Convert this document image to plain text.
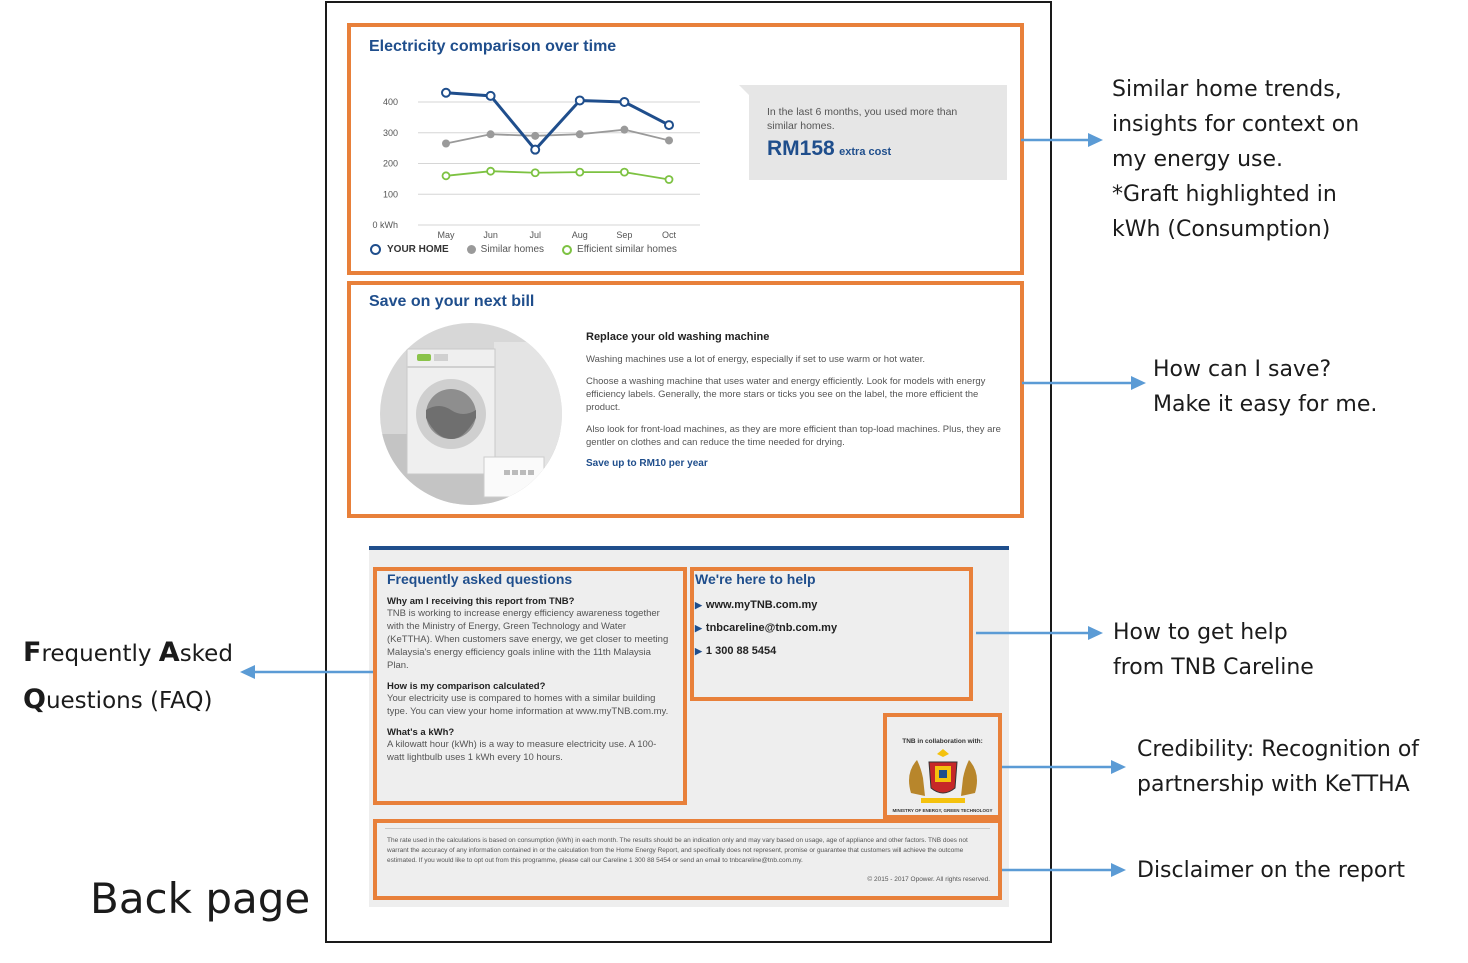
Electricity comparison over time
400
300
200
100
0 kWh
May	Jun	Jul	Aug	Sep	Oct
YOUR HOME	Similar homes	Efficient similar homes
In the last 6 months, you used more than similar homes.
RM158 extra cost
Save on your next bill
Replace your old washing machine
Washing machines use a lot of energy, especially if set to use warm or hot water.
Choose a washing machine that uses water and energy efficiently. Look for models with energy efficiency labels. Generally, the more stars or ticks you see on the label, the more efficient the product.
Also look for front-load machines, as they are more efficient than top-load machines. Plus, they are gentler on clothes and can reduce the time needed for drying.
Save up to RM10 per year
Frequently asked questions
Why am I receiving this report from TNB?
TNB is working to increase energy efficiency awareness together with the Ministry of Energy, Green Technology and Water (KeTTHA). When customers save energy, we get closer to meeting Malaysia's energy efficiency goals inline with the 11th Malaysia Plan.
How is my comparison calculated?
Your electricity use is compared to homes with a similar building type. You can view your home information at www.myTNB.com.my.
What's a kWh?
A kilowatt hour (kWh) is a way to measure electricity use. A 100-watt lightbulb uses 1 kWh every 10 hours.
We're here to help
▶ www.myTNB.com.my
▶ tnbcareline@tnb.com.my
▶ 1 300 88 5454
TNB in collaboration with:
MINISTRY OF ENERGY, GREEN TECHNOLOGY AND WATER
The rate used in the calculations is based on consumption (kWh) in each month. The results should be an indication only and may vary based on usage, age of appliance and other factors. TNB does not warrant the accuracy of any information contained in or the calculation from the Home Energy Report, and specifically does not represent, promise or guarantee that customers will achieve the outcome estimated. If you would like to opt out from this programme, please call our Careline 1 300 88 5454 or send an email to tnbcareline@tnb.com.my.
© 2015 - 2017 Opower. All rights reserved.
Similar home trends,
insights for context on
my energy use.
*Graft highlighted in
kWh (Consumption)
How can I save?
Make it easy for me.
Frequently Asked
Questions (FAQ)
How to get help
from TNB Careline
Credibility: Recognition of
partnership with KeTTHA
Disclaimer on the report
Back page
